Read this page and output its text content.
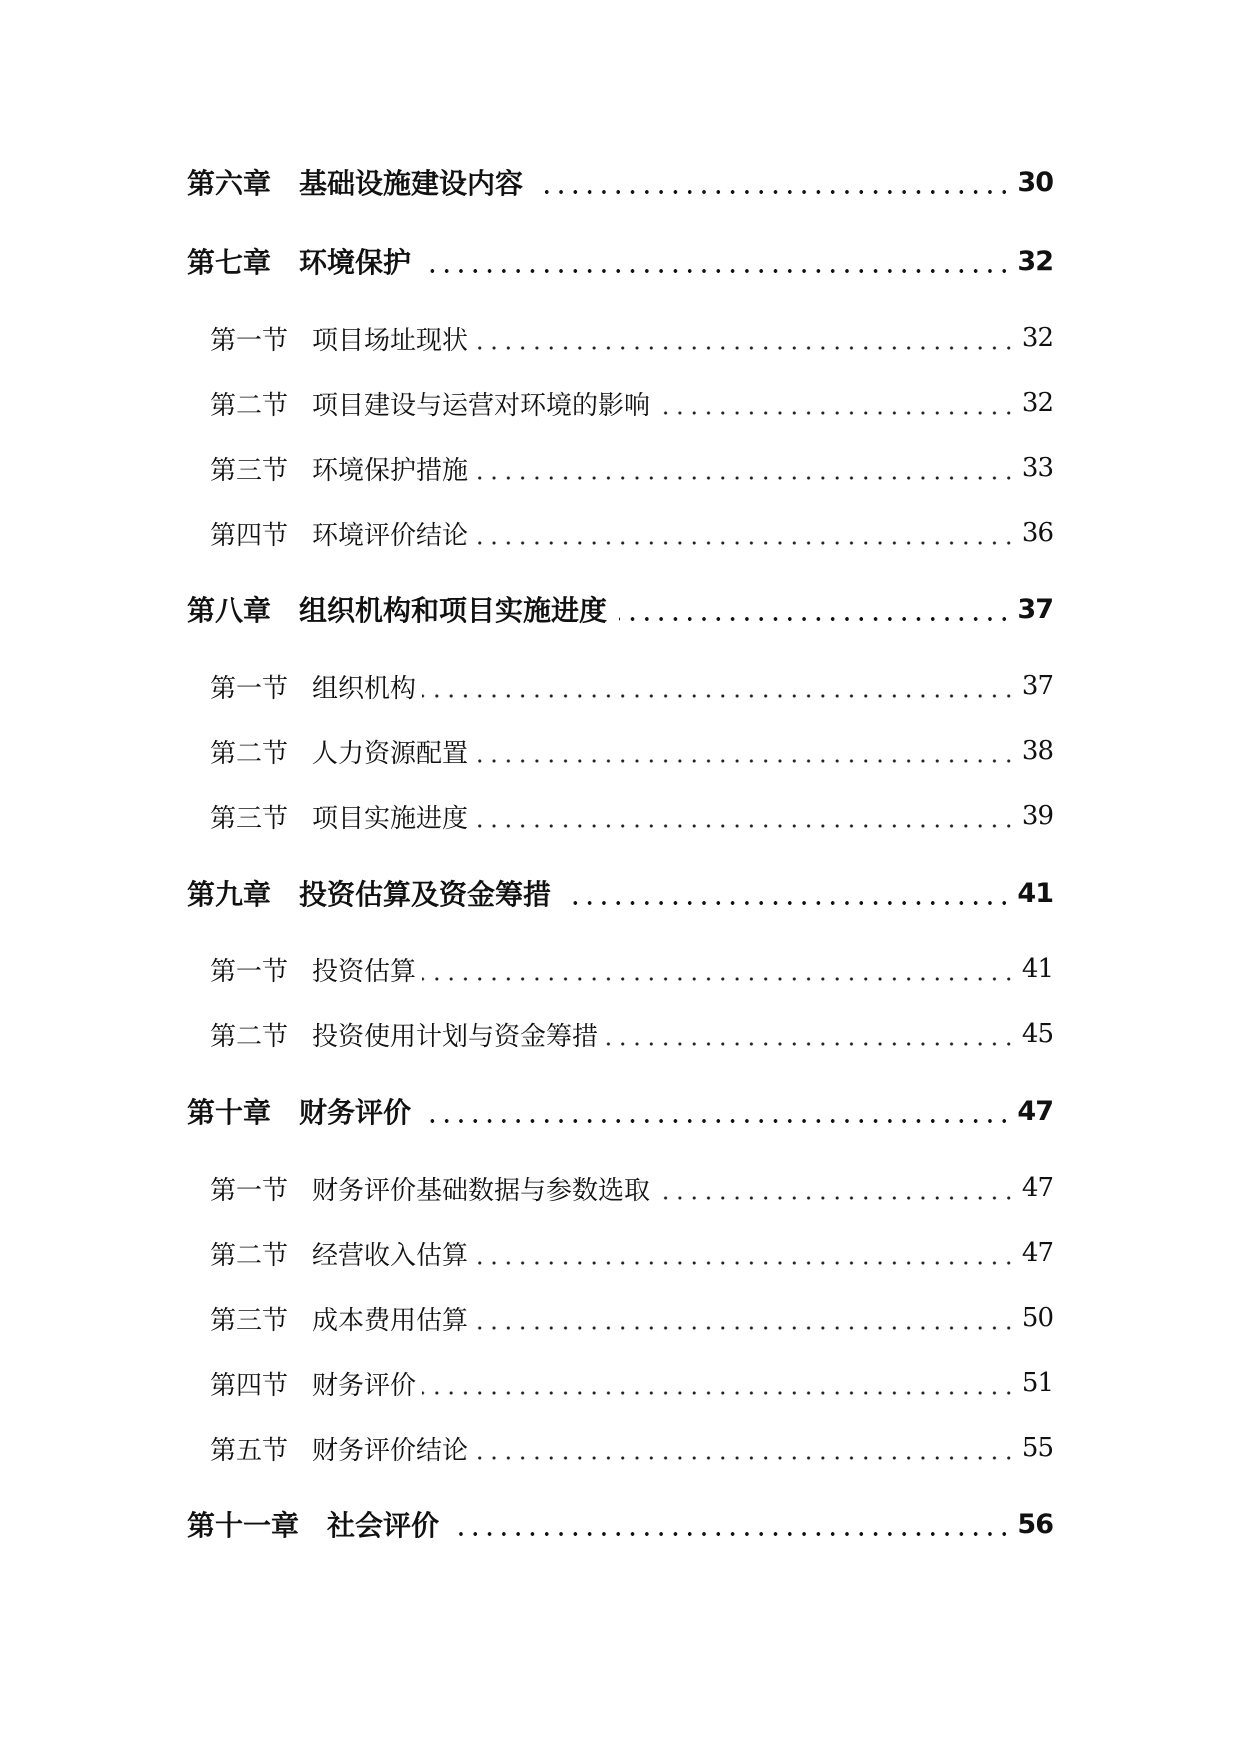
第六章 基础设施建设内容	30
第七章 环境保护	32
第一节 项目场址现状	32
第二节 项目建设与运营对环境的影响	32
第三节 环境保护措施	33
第四节 环境评价结论	36
第八章 组织机构和项目实施进度	37
第一节 组织机构	37
第二节 人力资源配置	38
第三节 项目实施进度	39
第九章 投资估算及资金筹措	41
第一节 投资估算	41
第二节 投资使用计划与资金筹措	45
第十章 财务评价	47
第一节 财务评价基础数据与参数选取	47
第二节 经营收入估算	47
第三节 成本费用估算	50
第四节 财务评价	51
第五节 财务评价结论	55
第十一章 社会评价	56
